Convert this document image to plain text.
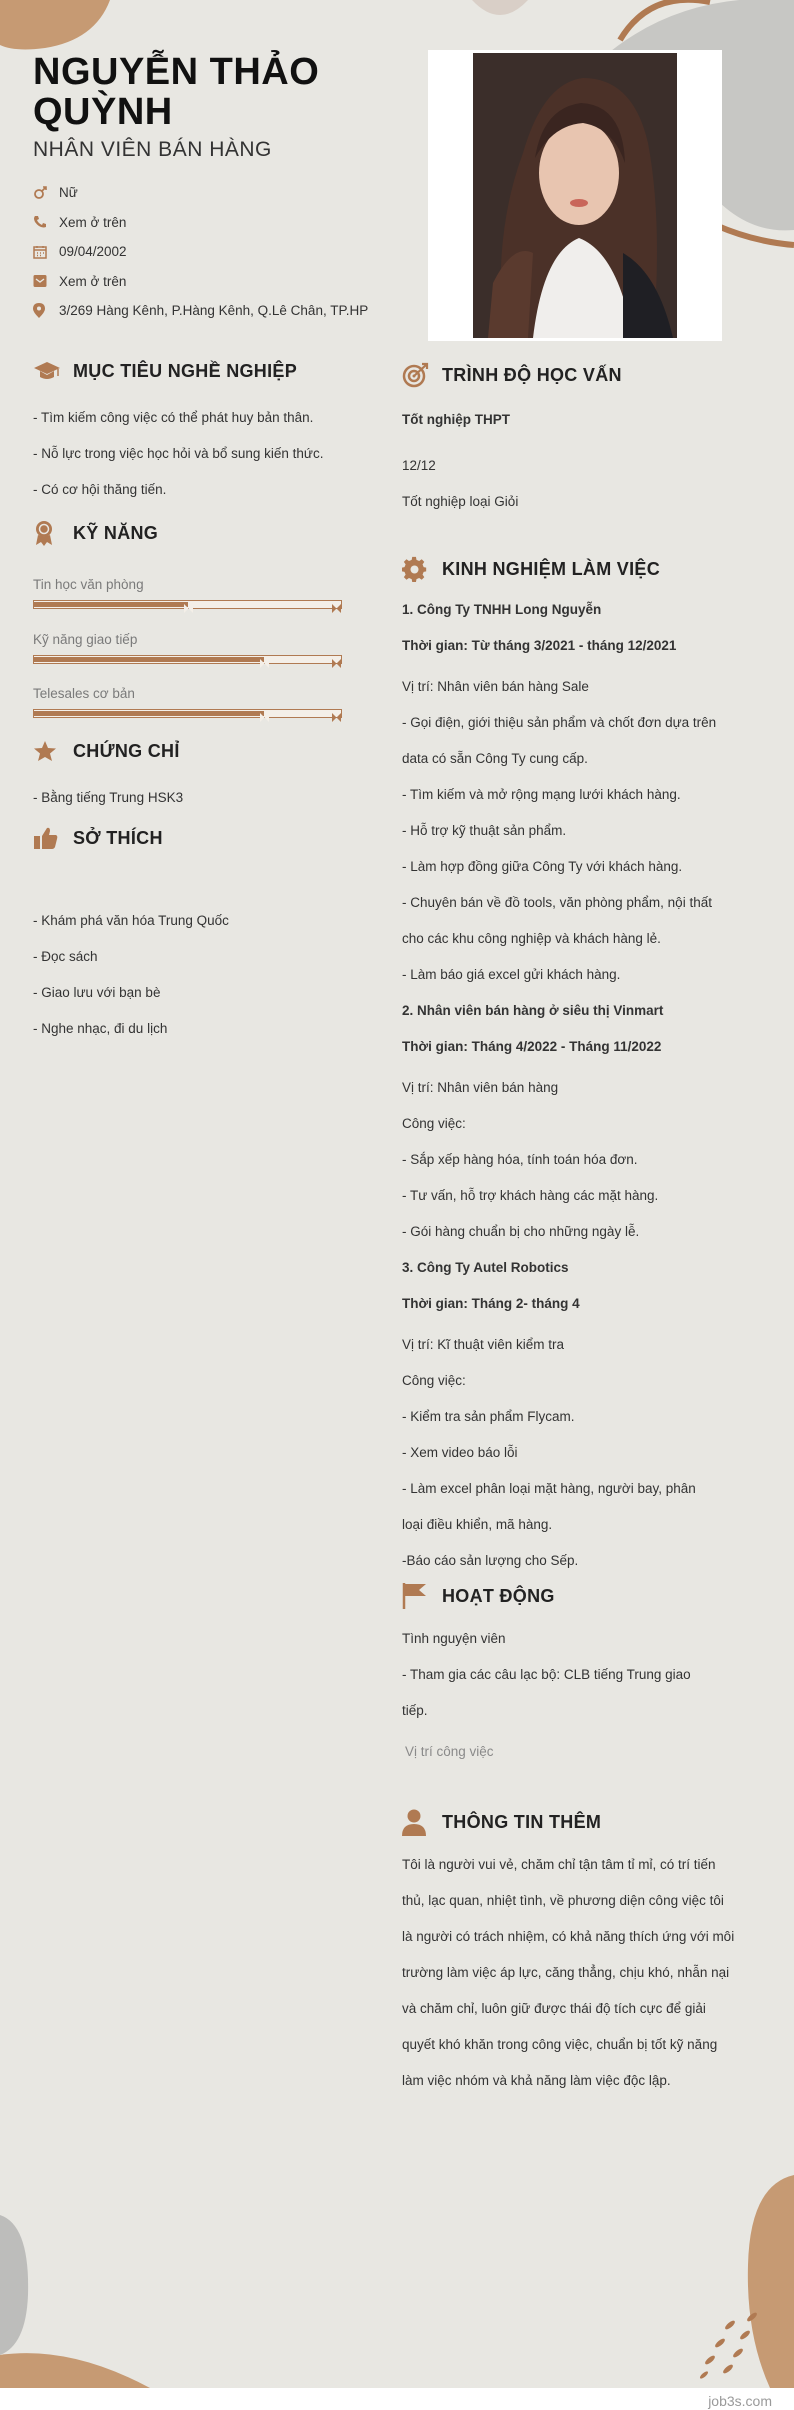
NGUYỄN THẢO QUỲNH
NHÂN VIÊN BÁN HÀNG
Nữ
Xem ở trên
09/04/2002
Xem ở trên
3/269 Hàng Kênh, P.Hàng Kênh, Q.Lê Chân, TP.HP
MỤC TIÊU NGHỀ NGHIỆP
- Tìm kiếm công việc có thể phát huy bản thân.
- Nỗ lực trong việc học hỏi và bổ sung kiến thức.
- Có cơ hội thăng tiến.
KỸ NĂNG
Tin học văn phòng
Kỹ năng giao tiếp
Telesales cơ bản
CHỨNG CHỈ
- Bằng tiếng Trung HSK3
SỞ THÍCH
- Khám phá văn hóa Trung Quốc
- Đọc sách
- Giao lưu với bạn bè
- Nghe nhạc, đi du lịch
TRÌNH ĐỘ HỌC VẤN
Tốt nghiệp THPT
12/12
Tốt nghiệp loại Giỏi
KINH NGHIỆM LÀM VIỆC
1. Công Ty TNHH Long Nguyễn
Thời gian: Từ tháng 3/2021 - tháng 12/2021
Vị trí: Nhân viên bán hàng Sale
- Gọi điện, giới thiệu sản phẩm và chốt đơn dựa trên
data có sẵn Công Ty cung cấp.
- Tìm kiếm và mở rộng mạng lưới khách hàng.
- Hỗ trợ kỹ thuật sản phẩm.
- Làm hợp đồng giữa Công Ty với khách hàng.
- Chuyên bán về đồ tools, văn phòng phẩm, nội thất
cho các khu công nghiệp và khách hàng lẻ.
- Làm báo giá excel gửi khách hàng.
2. Nhân viên bán hàng ở siêu thị Vinmart
Thời gian: Tháng 4/2022 - Tháng 11/2022
Vị trí: Nhân viên bán hàng
Công việc:
- Sắp xếp hàng hóa, tính toán hóa đơn.
- Tư vấn, hỗ trợ khách hàng các mặt hàng.
- Gói hàng chuẩn bị cho những ngày lễ.
3. Công Ty Autel Robotics
Thời gian: Tháng 2- tháng 4
Vị trí: Kĩ thuật viên kiểm tra
Công việc:
- Kiểm tra sản phẩm Flycam.
- Xem video báo lỗi
- Làm excel phân loại mặt hàng, người bay, phân
loại điều khiển, mã hàng.
-Báo cáo sản lượng cho Sếp.
HOẠT ĐỘNG
Tình nguyện viên
- Tham gia các câu lạc bộ: CLB tiếng Trung giao
tiếp.
Vị trí công việc
THÔNG TIN THÊM
Tôi là người vui vẻ, chăm chỉ tận tâm tỉ mỉ, có trí tiến thủ, lạc quan, nhiệt tình, về phương diện công việc tôi là người có trách nhiệm, có khả năng thích ứng với môi trường làm việc áp lực, căng thẳng, chịu khó, nhẫn nại và chăm chỉ, luôn giữ được thái độ tích cực để giải quyết khó khăn trong công việc, chuẩn bị tốt kỹ năng làm việc nhóm và khả năng làm việc độc lập.
job3s.com
